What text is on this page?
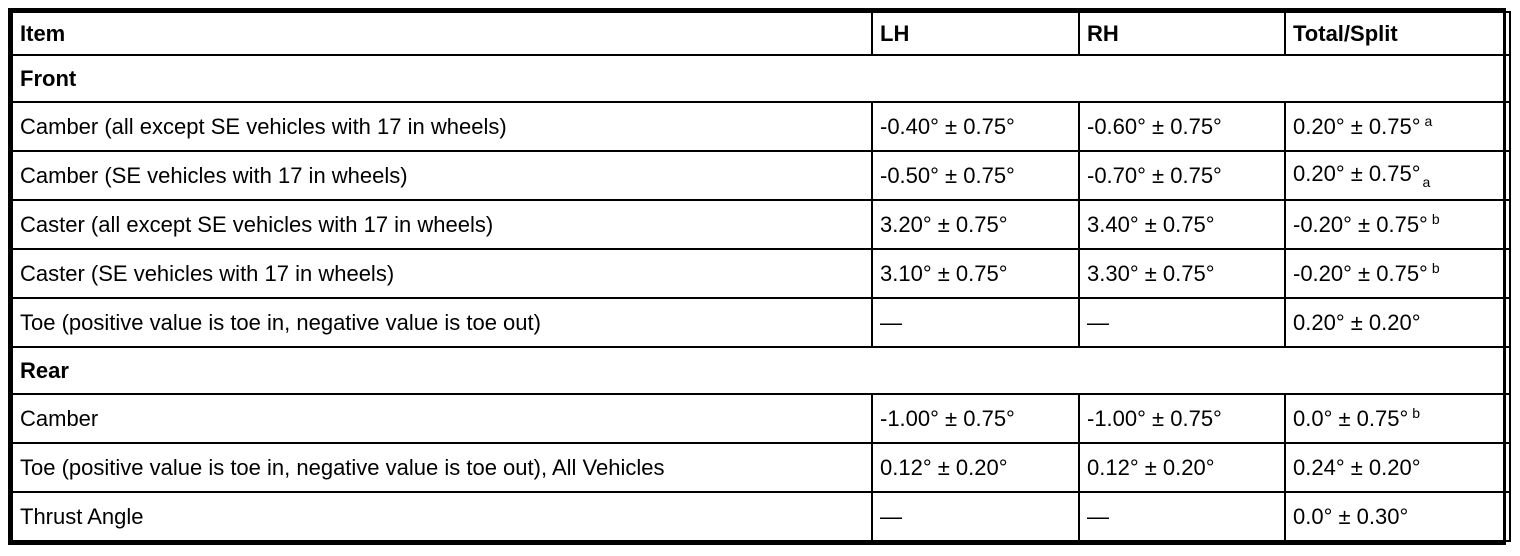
Item	LH	RH	Total/Split
Front			
Camber (all except SE vehicles with 17 in wheels)	-0.40° ± 0.75°	-0.60° ± 0.75°	0.20° ± 0.75° $^a$
Camber (SE vehicles with 17 in wheels)	-0.50° ± 0.75°	-0.70° ± 0.75°	0.20° ± 0.75° $_a$
Caster (all except SE vehicles with 17 in wheels)	3.20° ± 0.75°	3.40° ± 0.75°	-0.20° ± 0.75° $^b$
Caster (SE vehicles with 17 in wheels)	3.10° ± 0.75°	3.30° ± 0.75°	-0.20° ± 0.75° $^b$
Toe (positive value is toe in, negative value is toe out)	—	—	0.20° ± 0.20°
Rear			
Camber	-1.00° ± 0.75°	-1.00° ± 0.75°	0.0° ± 0.75° $^b$
Toe (positive value is toe in, negative value is toe out), All Vehicles	0.12° ± 0.20°	0.12° ± 0.20°	0.24° ± 0.20°
Thrust Angle	—	—	0.0° ± 0.30°
